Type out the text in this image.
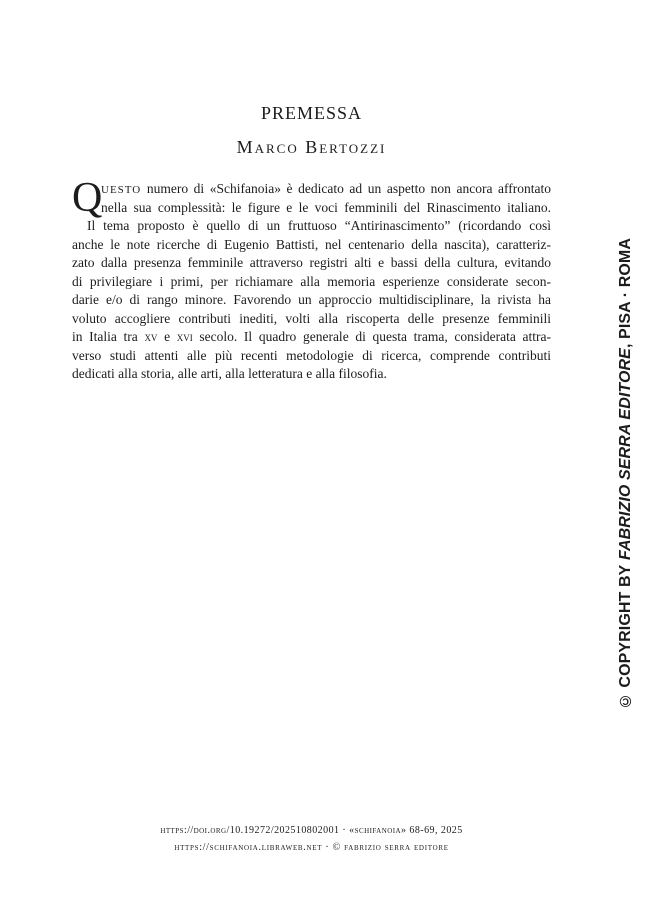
PREMESSA
Marco Bertozzi
Q
uesto numero di «Schifanoia» è dedicato ad un aspetto non ancora affrontato
nella sua complessità: le figure e le voci femminili del Rinascimento italiano.
Il tema proposto è quello di un fruttuoso “Antirinascimento” (ricordando così
anche le note ricerche di Eugenio Battisti, nel centenario della nascita), caratteriz-
zato dalla presenza femminile attraverso registri alti e bassi della cultura, evitando
di privilegiare i primi, per richiamare alla memoria esperienze considerate secon-
darie e/o di rango minore. Favorendo un approccio multidisciplinare, la rivista ha
voluto accogliere contributi inediti, volti alla riscoperta delle presenze femminili
in Italia tra xv e xvi secolo. Il quadro generale di questa trama, considerata attra-
verso studi attenti alle più recenti metodologie di ricerca, comprende contributi
dedicati alla storia, alle arti, alla letteratura e alla filosofia.
https://doi.org/10.19272/202510802001 · «schifanoia» 68-69, 2025
https://schifanoia.libraweb.net · © fabrizio serra editore
© COPYRIGHT BY FABRIZIO SERRA EDITORE, PISA · ROMA
